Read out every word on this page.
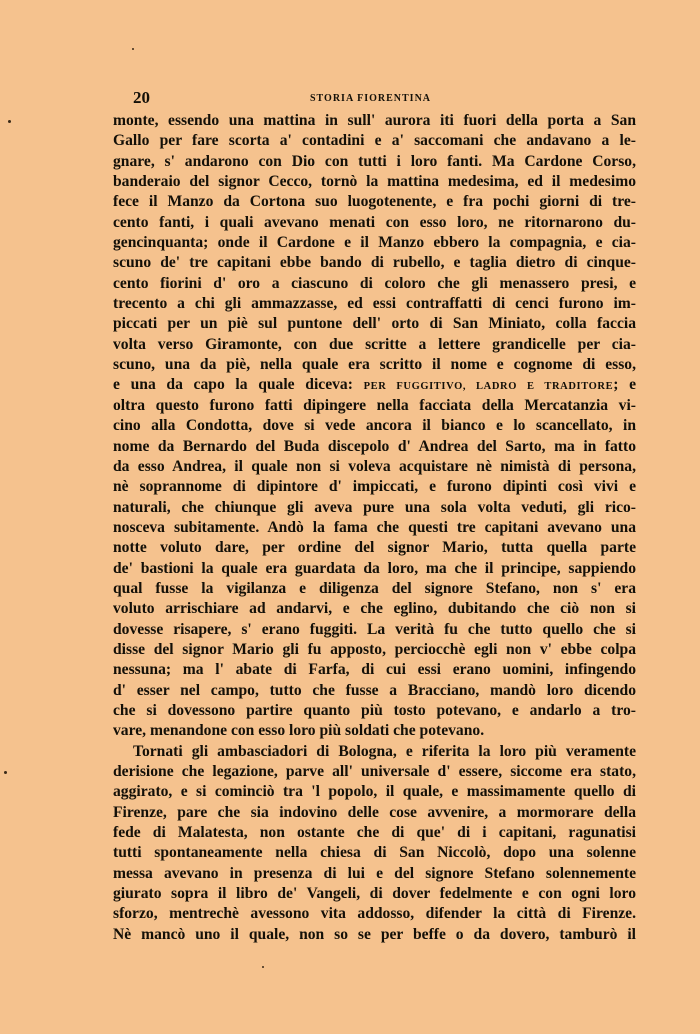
20	STORIA FIORENTINA
monte, essendo una mattina in sull' aurora iti fuori della porta a San
Gallo per fare scorta a' contadini e a' saccomani che andavano a le-
gnare, s' andarono con Dio con tutti i loro fanti. Ma Cardone Corso,
banderaio del signor Cecco, tornò la mattina medesima, ed il medesimo
fece il Manzo da Cortona suo luogotenente, e fra pochi giorni di tre-
cento fanti, i quali avevano menati con esso loro, ne ritornarono du-
gencinquanta; onde il Cardone e il Manzo ebbero la compagnia, e cia-
scuno de' tre capitani ebbe bando di rubello, e taglia dietro di cinque-
cento fiorini d' oro a ciascuno di coloro che gli menassero presi, e
trecento a chi gli ammazzasse, ed essi contraffatti di cenci furono im-
piccati per un piè sul puntone dell' orto di San Miniato, colla faccia
volta verso Giramonte, con due scritte a lettere grandicelle per cia-
scuno, una da piè, nella quale era scritto il nome e cognome di esso,
e una da capo la quale diceva: PER FUGGITIVO, LADRO E TRADITORE; e
oltra questo furono fatti dipingere nella facciata della Mercatanzia vi-
cino alla Condotta, dove si vede ancora il bianco e lo scancellato, in
nome da Bernardo del Buda discepolo d' Andrea del Sarto, ma in fatto
da esso Andrea, il quale non si voleva acquistare nè nimistà di persona,
nè soprannome di dipintore d' impiccati, e furono dipinti così vivi e
naturali, che chiunque gli aveva pure una sola volta veduti, gli rico-
nosceva subitamente. Andò la fama che questi tre capitani avevano una
notte voluto dare, per ordine del signor Mario, tutta quella parte
de' bastioni la quale era guardata da loro, ma che il principe, sappiendo
qual fusse la vigilanza e diligenza del signore Stefano, non s' era
voluto arrischiare ad andarvi, e che eglino, dubitando che ciò non si
dovesse risapere, s' erano fuggiti. La verità fu che tutto quello che si
disse del signor Mario gli fu apposto, perciocchè egli non v' ebbe colpa
nessuna; ma l' abate di Farfa, di cui essi erano uomini, infingendo
d' esser nel campo, tutto che fusse a Bracciano, mandò loro dicendo
che si dovessono partire quanto più tosto potevano, e andarlo a tro-
vare, menandone con esso loro più soldati che potevano.
Tornati gli ambasciadori di Bologna, e riferita la loro più veramente
derisione che legazione, parve all' universale d' essere, siccome era stato,
aggirato, e si cominciò tra 'l popolo, il quale, e massimamente quello di
Firenze, pare che sia indovino delle cose avvenire, a mormorare della
fede di Malatesta, non ostante che di que' di i capitani, ragunatisi
tutti spontaneamente nella chiesa di San Niccolò, dopo una solenne
messa avevano in presenza di lui e del signore Stefano solennemente
giurato sopra il libro de' Vangeli, di dover fedelmente e con ogni loro
sforzo, mentrechè avessono vita addosso, difender la città di Firenze.
Nè mancò uno il quale, non so se per beffe o da dovero, tamburò il
